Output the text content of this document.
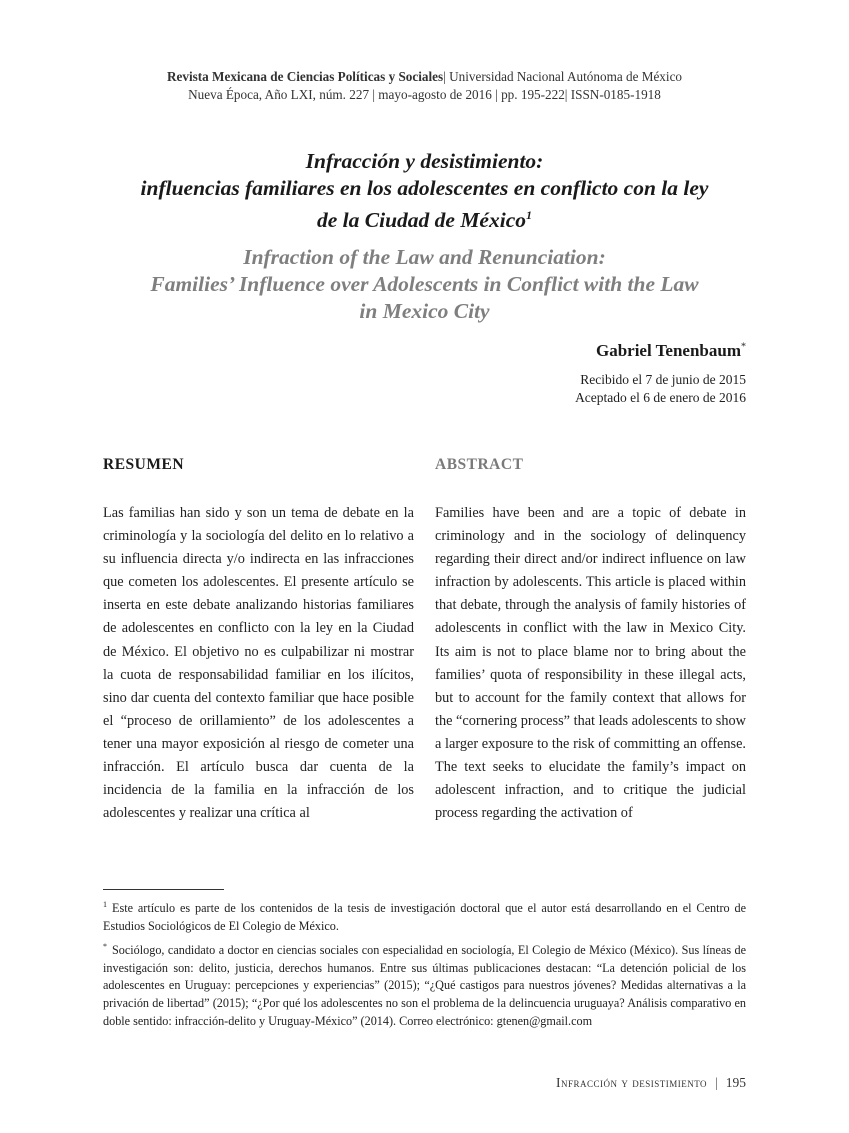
Revista Mexicana de Ciencias Políticas y Sociales| Universidad Nacional Autónoma de México
Nueva Época, Año LXI, núm. 227 | mayo-agosto de 2016 | pp. 195-222| ISSN-0185-1918
Infracción y desistimiento:
influencias familiares en los adolescentes en conflicto con la ley
de la Ciudad de México$^1$
Infraction of the Law and Renunciation:
Families’ Influence over Adolescents in Conflict with the Law
in Mexico City
Gabriel Tenenbaum*
Recibido el 7 de junio de 2015
Aceptado el 6 de enero de 2016
RESUMEN	ABSTRACT
Las familias han sido y son un tema de debate en la criminología y la sociología del delito en lo relativo a su influencia directa y/o indirecta en las infracciones que cometen los adolescentes. El presente artículo se inserta en este debate analizando historias familiares de adolescentes en conflicto con la ley en la Ciudad de México. El objetivo no es culpabilizar ni mostrar la cuota de responsabilidad familiar en los ilícitos, sino dar cuenta del contexto familiar que hace posible el “proceso de orillamiento” de los adolescentes a tener una mayor exposición al riesgo de cometer una infracción. El artículo busca dar cuenta de la incidencia de la familia en la infracción de los adolescentes y realizar una crítica al
Families have been and are a topic of debate in criminology and in the sociology of delinquency regarding their direct and/or indirect influence on law infraction by adolescents. This article is placed within that debate, through the analysis of family histories of adolescents in conflict with the law in Mexico City. Its aim is not to place blame nor to bring about the families’ quota of responsibility in these illegal acts, but to account for the family context that allows for the “cornering process” that leads adolescents to show a larger exposure to the risk of committing an offense. The text seeks to elucidate the family’s impact on adolescent infraction, and to critique the judicial process regarding the activation of

$^1$ Este artículo es parte de los contenidos de la tesis de investigación doctoral que el autor está desarrollando en el Centro de Estudios Sociológicos de El Colegio de México.

* Sociólogo, candidato a doctor en ciencias sociales con especialidad en sociología, El Colegio de México (México). Sus líneas de investigación son: delito, justicia, derechos humanos. Entre sus últimas publicaciones destacan: “La detención policial de los adolescentes en Uruguay: percepciones y experiencias” (2015); “¿Qué castigos para nuestros jóvenes? Medidas alternativas a la privación de libertad” (2015); “¿Por qué los adolescentes no son el problema de la delincuencia uruguaya? Análisis comparativo en doble sentido: infracción-delito y Uruguay-México” (2014). Correo electrónico: gtenen@gmail.com

Infracción y desistimiento | 195
